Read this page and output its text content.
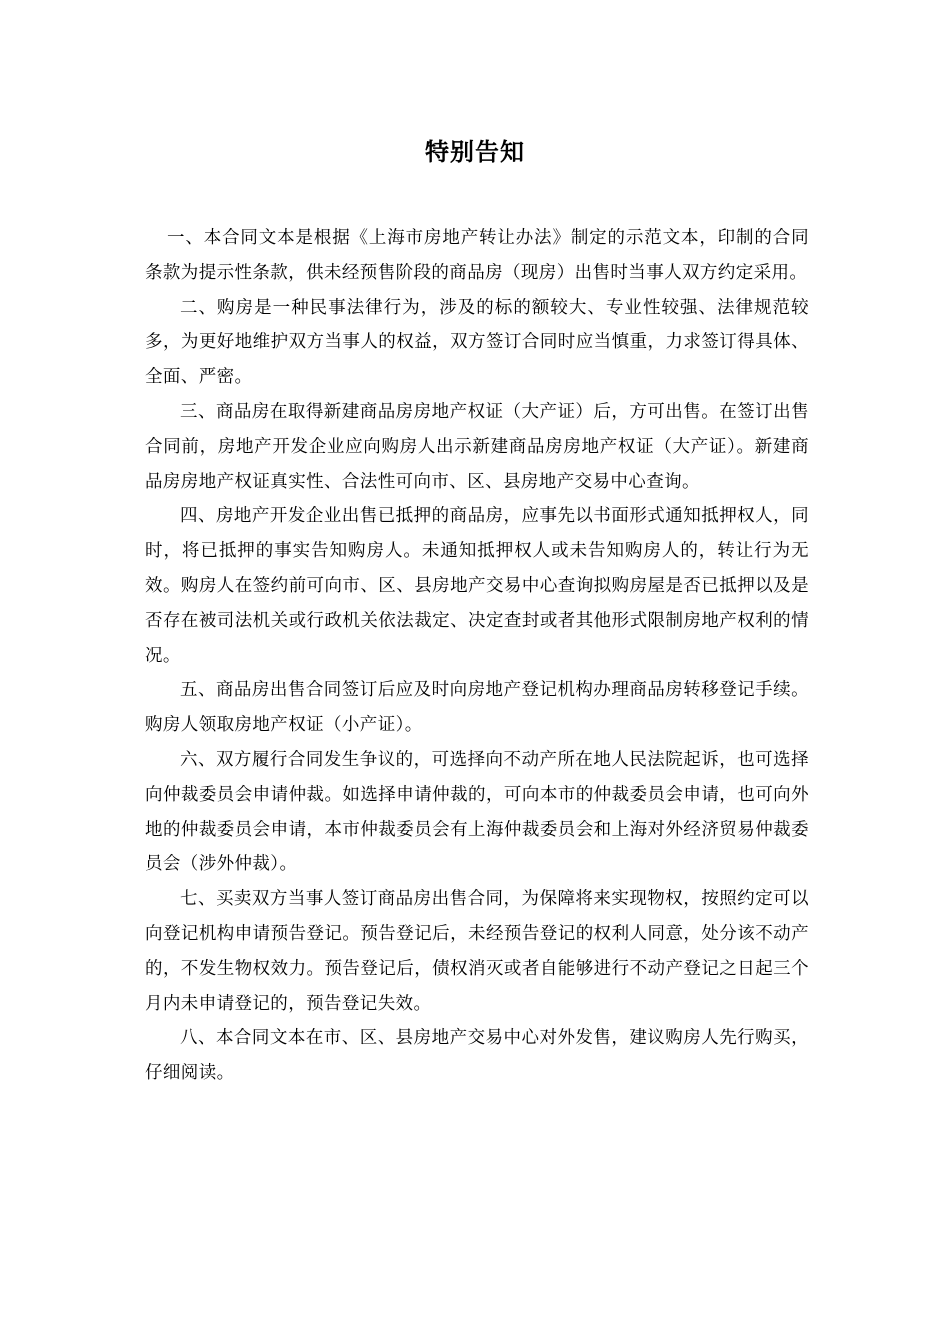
特别告知

一、本合同文本是根据《上海市房地产转让办法》制定的示范文本，印制的合同条款为提示性条款，供未经预售阶段的商品房（现房）出售时当事人双方约定采用。

二、购房是一种民事法律行为，涉及的标的额较大、专业性较强、法律规范较多，为更好地维护双方当事人的权益，双方签订合同时应当慎重，力求签订得具体、全面、严密。

三、商品房在取得新建商品房房地产权证（大产证）后，方可出售。在签订出售合同前，房地产开发企业应向购房人出示新建商品房房地产权证（大产证）。新建商品房房地产权证真实性、合法性可向市、区、县房地产交易中心查询。

四、房地产开发企业出售已抵押的商品房，应事先以书面形式通知抵押权人，同时，将已抵押的事实告知购房人。未通知抵押权人或未告知购房人的，转让行为无效。购房人在签约前可向市、区、县房地产交易中心查询拟购房屋是否已抵押以及是否存在被司法机关或行政机关依法裁定、决定查封或者其他形式限制房地产权利的情况。

五、商品房出售合同签订后应及时向房地产登记机构办理商品房转移登记手续。购房人领取房地产权证（小产证）。

六、双方履行合同发生争议的，可选择向不动产所在地人民法院起诉，也可选择向仲裁委员会申请仲裁。如选择申请仲裁的，可向本市的仲裁委员会申请，也可向外地的仲裁委员会申请，本市仲裁委员会有上海仲裁委员会和上海对外经济贸易仲裁委员会（涉外仲裁）。

七、买卖双方当事人签订商品房出售合同，为保障将来实现物权，按照约定可以向登记机构申请预告登记。预告登记后，未经预告登记的权利人同意，处分该不动产的，不发生物权效力。预告登记后，债权消灭或者自能够进行不动产登记之日起三个月内未申请登记的，预告登记失效。

八、本合同文本在市、区、县房地产交易中心对外发售，建议购房人先行购买，仔细阅读。
